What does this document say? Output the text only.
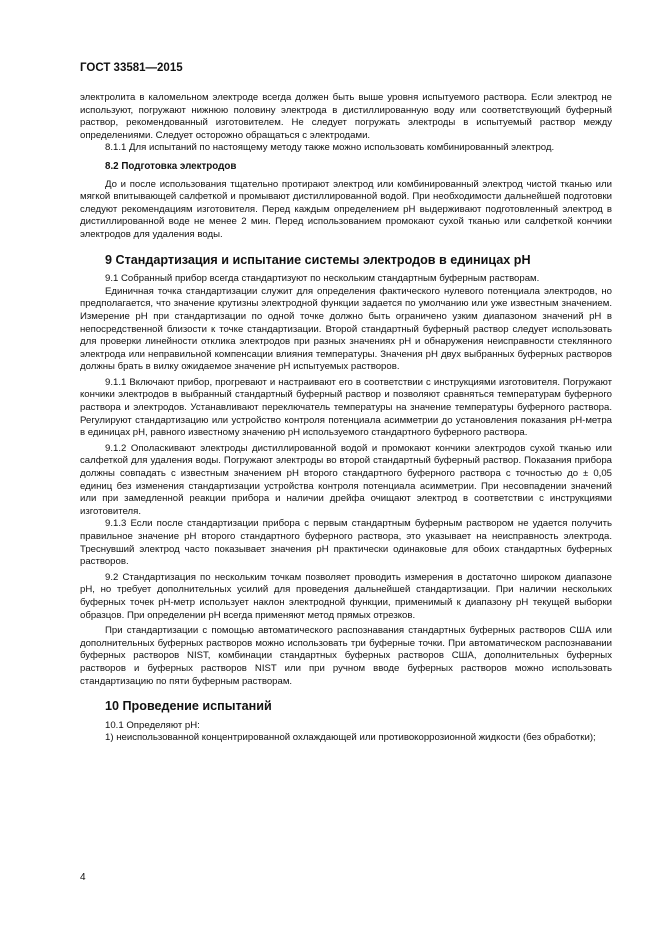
ГОСТ 33581—2015

электролита в каломельном электроде всегда должен быть выше уровня испытуемого раствора. Если электрод не используют, погружают нижнюю половину электрода в дистиллированную воду или соответствующий буферный раствор, рекомендованный изготовителем. Не следует погружать электроды в испытуемый раствор между определениями. Следует осторожно обращаться с электродами.

8.1.1 Для испытаний по настоящему методу также можно использовать комбинированный электрод.

8.2 Подготовка электродов

До и после использования тщательно протирают электрод или комбинированный электрод чистой тканью или мягкой впитывающей салфеткой и промывают дистиллированной водой. При необходимости дальнейшей подготовки следуют рекомендациям изготовителя. Перед каждым определением pH выдерживают подготовленный электрод в дистиллированной воде не менее 2 мин. Перед использованием промокают сухой тканью или салфеткой кончики электродов для удаления воды.

9 Стандартизация и испытание системы электродов в единицах pH

9.1 Собранный прибор всегда стандартизуют по нескольким стандартным буферным растворам.

Единичная точка стандартизации служит для определения фактического нулевого потенциала электродов, но предполагается, что значение крутизны электродной функции задается по умолчанию или уже известным значением. Измерение pH при стандартизации по одной точке должно быть ограничено узким диапазоном значений pH в непосредственной близости к точке стандартизации. Второй стандартный буферный раствор следует использовать для проверки линейности отклика электродов при разных значениях pH и обнаружения неисправности стеклянного электрода или неправильной компенсации влияния температуры. Значения pH двух выбранных буферных растворов должны брать в вилку ожидаемое значение pH испытуемых растворов.

9.1.1 Включают прибор, прогревают и настраивают его в соответствии с инструкциями изготовителя. Погружают кончики электродов в выбранный стандартный буферный раствор и позволяют сравняться температурам буферного раствора и электродов. Устанавливают переключатель температуры на значение температуры буферного раствора. Регулируют стандартизацию или устройство контроля потенциала асимметрии до установления показания pH-метра в единицах pH, равного известному значению pH используемого стандартного буферного раствора.

9.1.2 Ополаскивают электроды дистиллированной водой и промокают кончики электродов сухой тканью или салфеткой для удаления воды. Погружают электроды во второй стандартный буферный раствор. Показания прибора должны совпадать с известным значением pH второго стандартного буферного раствора с точностью до ± 0,05 единиц без изменения стандартизации устройства контроля потенциала асимметрии. При несовпадении значений или при замедленной реакции прибора и наличии дрейфа очищают электрод в соответствии с инструкциями изготовителя.

9.1.3 Если после стандартизации прибора с первым стандартным буферным раствором не удается получить правильное значение pH второго стандартного буферного раствора, это указывает на неисправность электрода. Треснувший электрод часто показывает значения pH практически одинаковые для обоих стандартных буферных растворов.

9.2 Стандартизация по нескольким точкам позволяет проводить измерения в достаточно широком диапазоне pH, но требует дополнительных усилий для проведения дальнейшей стандартизации. При наличии нескольких буферных точек pH-метр использует наклон электродной функции, применимый к диапазону pH текущей выборки образцов. При определении pH всегда применяют метод прямых отрезков.

При стандартизации с помощью автоматического распознавания стандартных буферных растворов США или дополнительных буферных растворов можно использовать три буферные точки. При автоматическом распознавании буферных растворов NIST, комбинации стандартных буферных растворов США, дополнительных буферных растворов и буферных растворов NIST или при ручном вводе буферных растворов можно использовать стандартизацию по пяти буферным растворам.

10 Проведение испытаний

10.1 Определяют pH:

1) неиспользованной концентрированной охлаждающей или противокоррозионной жидкости (без обработки);

4
